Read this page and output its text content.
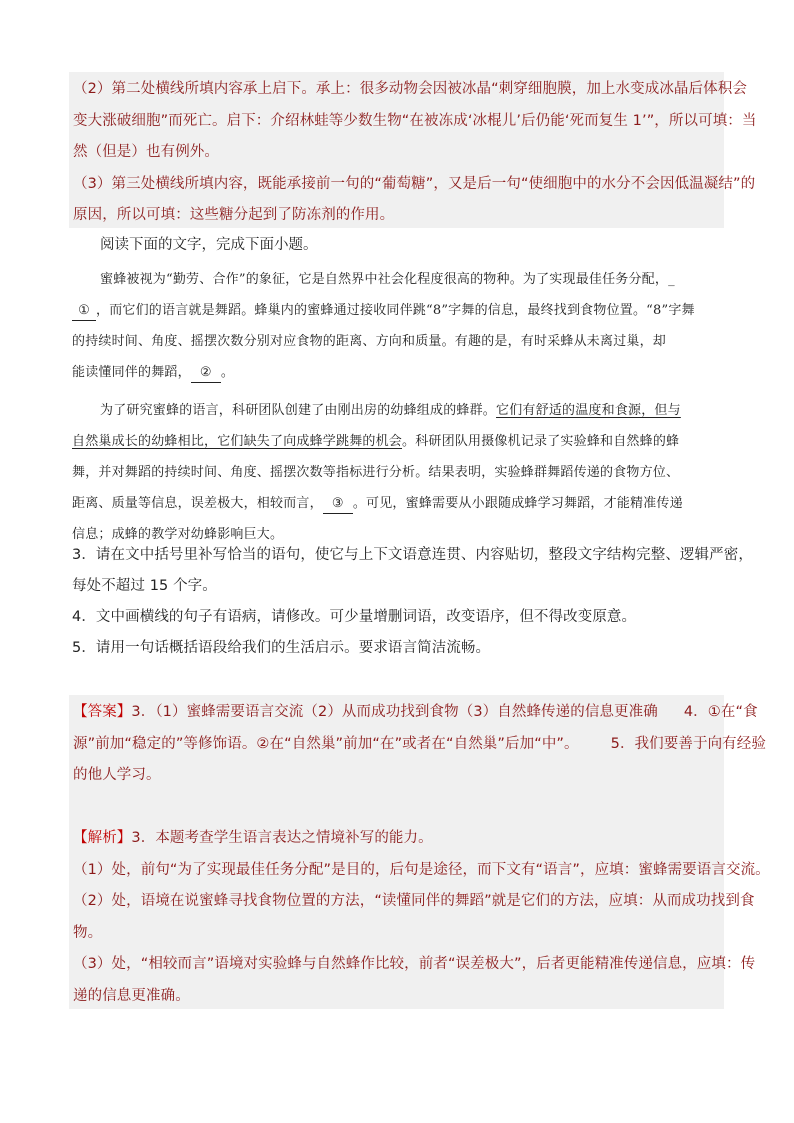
（2）第二处横线所填内容承上启下。承上：很多动物会因被冰晶“刺穿细胞膜，加上水变成冰晶后体积会
变大涨破细胞”而死亡。启下：介绍林蛙等少数生物“在被冻成‘冰棍儿’后仍能‘死而复生 1’”，所以可填：当
然（但是）也有例外。
（3）第三处横线所填内容，既能承接前一句的“葡萄糖”，又是后一句“使细胞中的水分不会因低温凝结”的
原因，所以可填：这些糖分起到了防冻剂的作用。
阅读下面的文字，完成下面小题。
蜜蜂被视为“勤劳、合作”的象征，它是自然界中社会化程度很高的物种。为了实现最佳任务分配，_
① ，而它们的语言就是舞蹈。蜂巢内的蜜蜂通过接收同伴跳“8”字舞的信息，最终找到食物位置。“8”字舞
的持续时间、角度、摇摆次数分别对应食物的距离、方向和质量。有趣的是，有时采蜂从未离过巢，却
能读懂同伴的舞蹈， ② 。
为了研究蜜蜂的语言，科研团队创建了由刚出房的幼蜂组成的蜂群。它们有舒适的温度和食源，但与
自然巢成长的幼蜂相比，它们缺失了向成蜂学跳舞的机会。科研团队用摄像机记录了实验蜂和自然蜂的蜂
舞，并对舞蹈的持续时间、角度、摇摆次数等指标进行分析。结果表明，实验蜂群舞蹈传递的食物方位、
距离、质量等信息，误差极大，相较而言， ③ 。可见，蜜蜂需要从小跟随成蜂学习舞蹈，才能精准传递
信息；成蜂的教学对幼蜂影响巨大。
3．请在文中括号里补写恰当的语句，使它与上下文语意连贯、内容贴切，整段文字结构完整、逻辑严密，
每处不超过 15 个字。
4．文中画横线的句子有语病，请修改。可少量增删词语，改变语序，但不得改变原意。
5．请用一句话概括语段给我们的生活启示。要求语言简洁流畅。
【答案】3．（1）蜜蜂需要语言交流（2）从而成功找到食物（3）自然蜂传递的信息更准确 4．①在“食
源”前加“稳定的”等修饰语。②在“自然巢”前加“在”或者在“自然巢”后加“中”。 5．我们要善于向有经验
的他人学习。
【解析】3．本题考查学生语言表达之情境补写的能力。
（1）处，前句“为了实现最佳任务分配”是目的，后句是途径，而下文有“语言”，应填：蜜蜂需要语言交流。
（2）处，语境在说蜜蜂寻找食物位置的方法，“读懂同伴的舞蹈”就是它们的方法，应填：从而成功找到食
物。
（3）处，“相较而言”语境对实验蜂与自然蜂作比较，前者“误差极大”，后者更能精准传递信息，应填：传
递的信息更准确。
